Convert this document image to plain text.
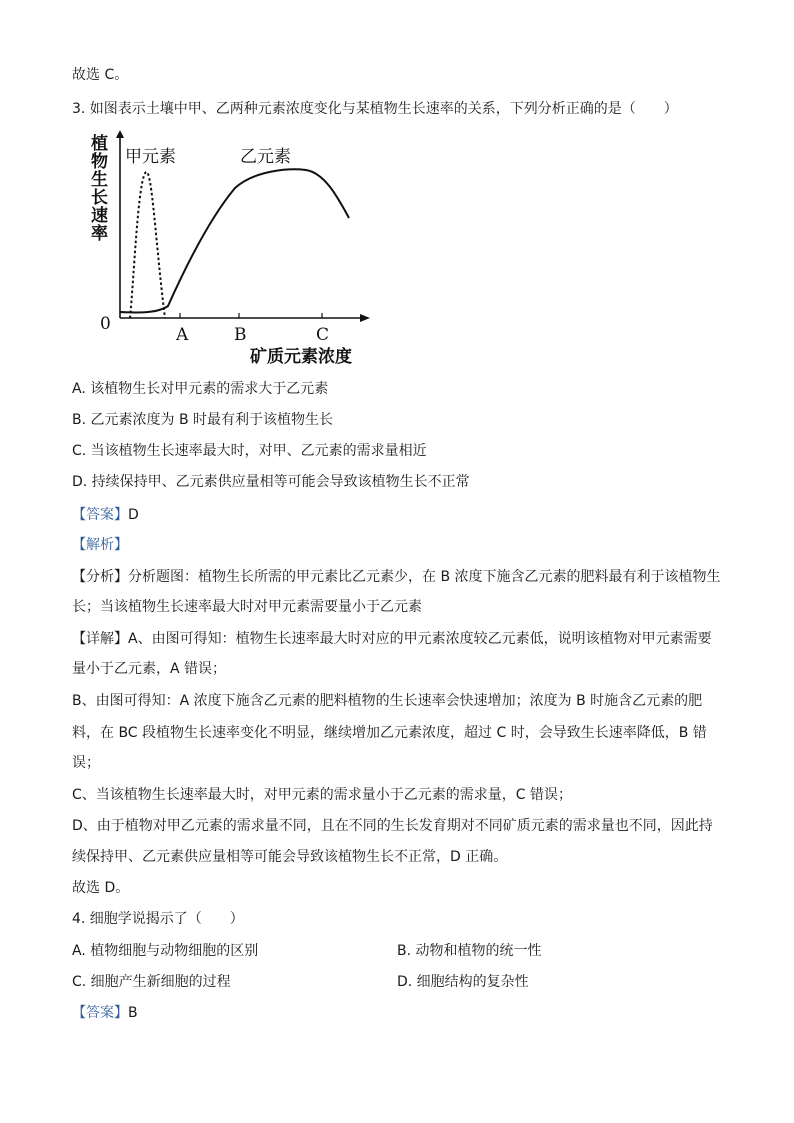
故选 C。
3. 如图表示土壤中甲、乙两种元素浓度变化与某植物生长速率的关系，下列分析正确的是（　　）
植物生长速率
0
A	B	C
矿质元素浓度
甲元素	乙元素
A. 该植物生长对甲元素的需求大于乙元素
B. 乙元素浓度为 B 时最有利于该植物生长
C. 当该植物生长速率最大时，对甲、乙元素的需求量相近
D. 持续保持甲、乙元素供应量相等可能会导致该植物生长不正常
【答案】D
【解析】
【分析】分析题图：植物生长所需的甲元素比乙元素少，在 B 浓度下施含乙元素的肥料最有利于该植物生
长；当该植物生长速率最大时对甲元素需要量小于乙元素
【详解】A、由图可得知：植物生长速率最大时对应的甲元素浓度较乙元素低，说明该植物对甲元素需要
量小于乙元素，A 错误；
B、由图可得知：A 浓度下施含乙元素的肥料植物的生长速率会快速增加；浓度为 B 时施含乙元素的肥
料，在 BC 段植物生长速率变化不明显，继续增加乙元素浓度，超过 C 时，会导致生长速率降低，B 错
误；
C、当该植物生长速率最大时，对甲元素的需求量小于乙元素的需求量，C 错误；
D、由于植物对甲乙元素的需求量不同，且在不同的生长发育期对不同矿质元素的需求量也不同，因此持
续保持甲、乙元素供应量相等可能会导致该植物生长不正常，D 正确。
故选 D。
4. 细胞学说揭示了（　　）
A. 植物细胞与动物细胞的区别	B. 动物和植物的统一性
C. 细胞产生新细胞的过程	D. 细胞结构的复杂性
【答案】B
